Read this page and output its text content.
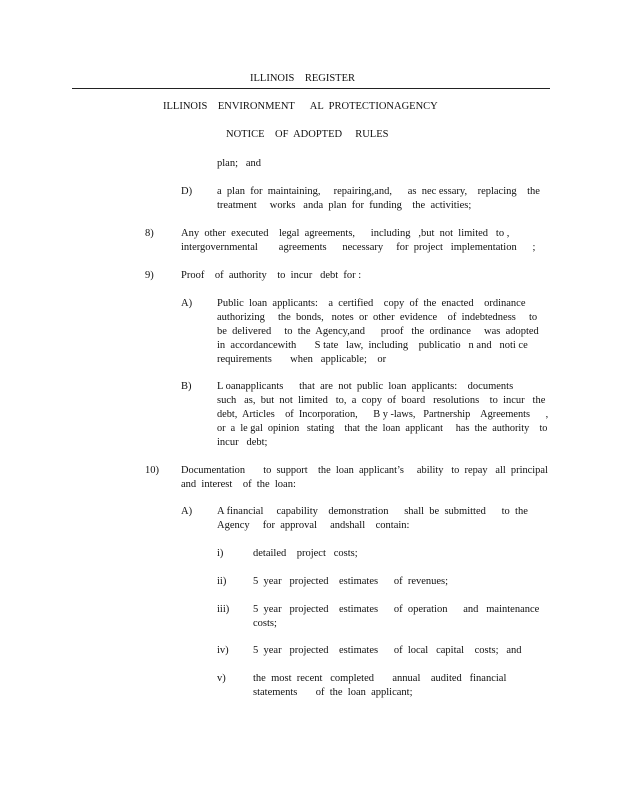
ILLINOIS    REGISTER
ILLINOIS    ENVIRONMENT      AL  PROTECTIONAGENCY
NOTICE    OF  ADOPTED     RULES
plan;   and
D) a  plan  for  maintaining,     repairing,and,      as  nec essary,    replacing    the
treatment     works   anda  plan  for  funding    the  activities;
8)	Any  other  executed    legal  agreements,      including   ,but  not  limited   to ,
intergovernmental        agreements      necessary     for  project   implementation      ;
9)	Proof    of  authority    to  incur   debt  for :
A) Public  loan  applicants:    a  certified    copy  of  the  enacted    ordinance
authorizing     the  bonds,   notes  or  other  evidence    of  indebtedness     to
be  delivered     to  the  Agency,and      proof   the  ordinance     was  adopted
in  accordancewith       S tate   law,  including    publicatio   n and   noti ce
requirements       when   applicable;    or
B) L oanapplicants      that  are  not  public  loan  applicants:    documents
such   as,  but  not  limited   to,  a  copy  of  board   resolutions    to  incur   the
debt,  Articles    of  Incorporation,      B y -laws,   Partnership    Agreements      ,
or  a  le gal  opinion   stating    that  the  loan  applicant     has  the  authority    to
incur   debt;
10) Documentation       to  support    the  loan  applicant’s     ability   to  repay   all  principal
and  interest    of  the  loan:
A) A financial     capability    demonstration      shall  be  submitted      to  the
Agency     for  approval     andshall    contain:
i)	detailed    project   costs;
ii)	5  year   projected    estimates      of  revenues;
iii) 5  year   projected    estimates      of  operation      and   maintenance
costs;
iv) 5  year   projected    estimates      of  local   capital    costs;   and
v)	the  most  recent   completed       annual    audited   financial
statements       of  the  loan  applicant;
